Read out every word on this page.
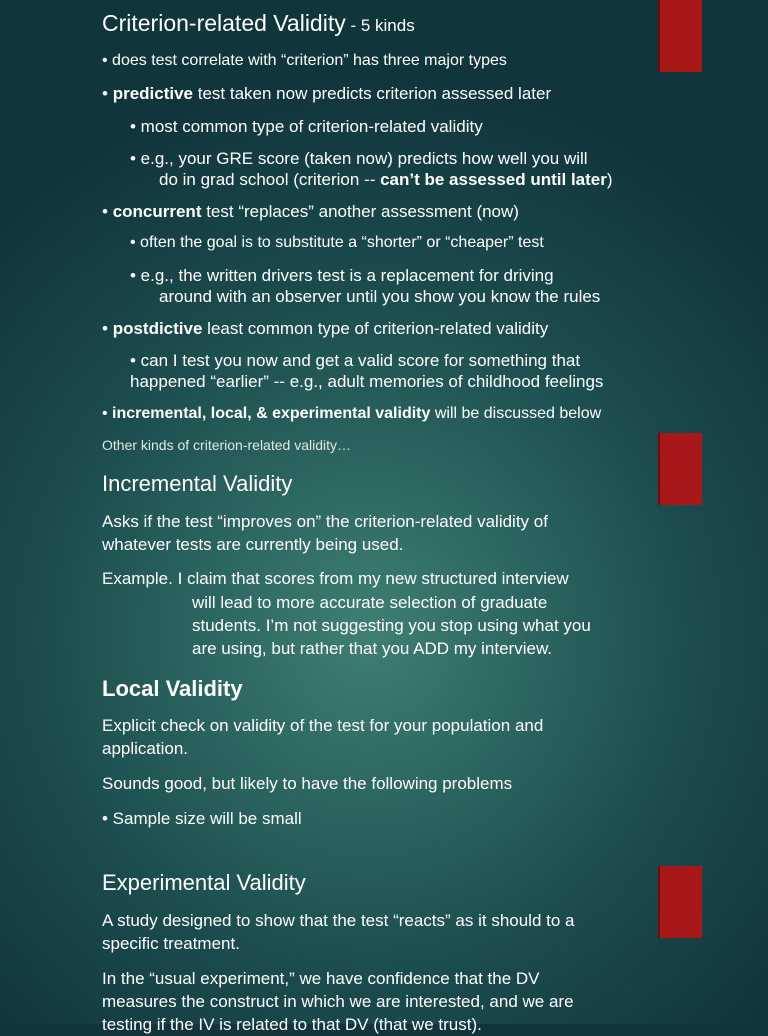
Criterion-related Validity - 5 kinds
• does test correlate with “criterion” has three major types
• predictive test taken now predicts criterion assessed later
• most common type of criterion-related validity
• e.g., your GRE score (taken now) predicts how well you will
do in grad school (criterion -- can’t be assessed until later)
• concurrent test “replaces” another assessment (now)
• often the goal is to substitute a “shorter” or “cheaper” test
• e.g., the written drivers test is a replacement for driving
around with an observer until you show you know the rules
• postdictive least common type of criterion-related validity
• can I test you now and get a valid score for something that
happened “earlier” -- e.g., adult memories of childhood feelings
• incremental, local, & experimental validity will be discussed below
Other kinds of criterion-related validity…
Incremental Validity
Asks if the test “improves on” the criterion-related validity of
whatever tests are currently being used.
Example. I claim that scores from my new structured interview
will lead to more accurate selection of graduate
students. I’m not suggesting you stop using what you
are using, but rather that you ADD my interview.
Local Validity
Explicit check on validity of the test for your population and
application.
Sounds good, but likely to have the following problems
• Sample size will be small
Experimental Validity
A study designed to show that the test “reacts” as it should to a
specific treatment.
In the “usual experiment,” we have confidence that the DV
measures the construct in which we are interested, and we are
testing if the IV is related to that DV (that we trust).
